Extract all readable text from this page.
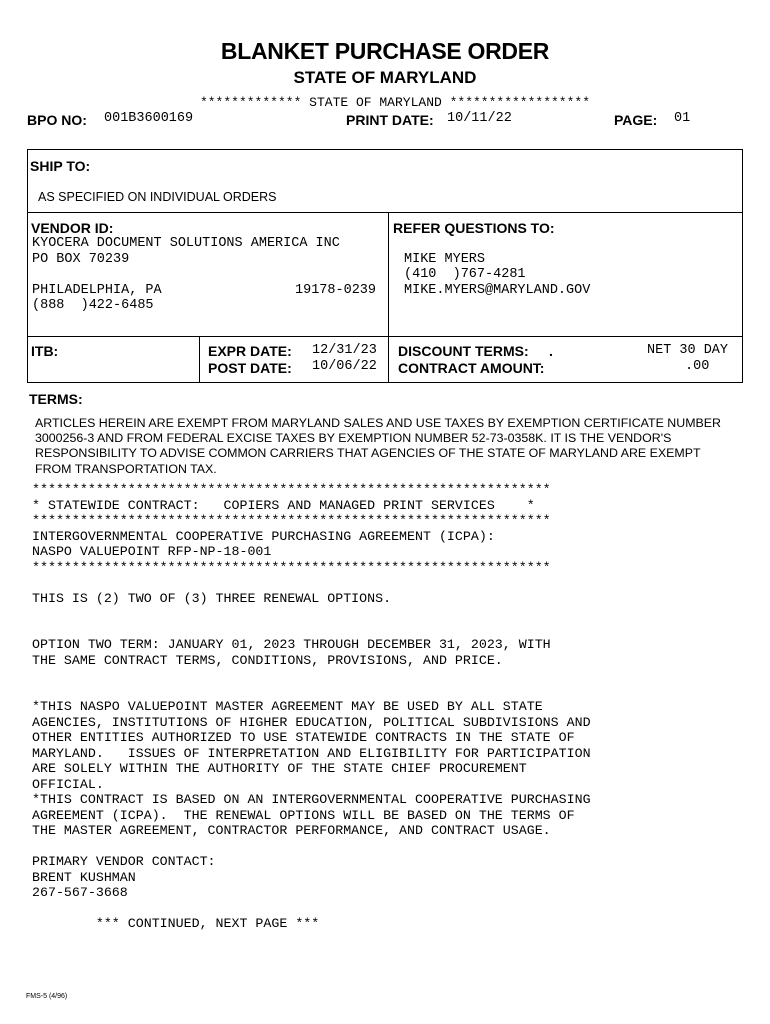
BLANKET PURCHASE ORDER
STATE OF MARYLAND
************* STATE OF MARYLAND ******************
BPO NO: 001B3600169	PRINT DATE: 10/11/22	PAGE: 01
SHIP TO:
AS SPECIFIED ON INDIVIDUAL ORDERS
VENDOR ID:
KYOCERA DOCUMENT SOLUTIONS AMERICA INC
PO BOX 70239
PHILADELPHIA, PA	19178-0239
(888  )422-6485
REFER QUESTIONS TO:
MIKE MYERS
(410  )767-4281
MIKE.MYERS@MARYLAND.GOV
ITB:	EXPR DATE: 12/31/23
POST DATE: 10/06/22
DISCOUNT TERMS: .	NET 30 DAY
CONTRACT AMOUNT:	.00
TERMS:
ARTICLES HEREIN ARE EXEMPT FROM MARYLAND SALES AND USE TAXES BY EXEMPTION CERTIFICATE NUMBER 3000256-3 AND FROM FEDERAL EXCISE TAXES BY EXEMPTION NUMBER 52-73-0358K. IT IS THE VENDOR'S RESPONSIBILITY TO ADVISE COMMON CARRIERS THAT AGENCIES OF THE STATE OF MARYLAND ARE EXEMPT FROM TRANSPORTATION TAX.
*****************************************************************
* STATEWIDE CONTRACT:   COPIERS AND MANAGED PRINT SERVICES    *
*****************************************************************
INTERGOVERNMENTAL COOPERATIVE PURCHASING AGREEMENT (ICPA):
NASPO VALUEPOINT RFP-NP-18-001
*****************************************************************
THIS IS (2) TWO OF (3) THREE RENEWAL OPTIONS.
OPTION TWO TERM: JANUARY 01, 2023 THROUGH DECEMBER 31, 2023, WITH
THE SAME CONTRACT TERMS, CONDITIONS, PROVISIONS, AND PRICE.
*THIS NASPO VALUEPOINT MASTER AGREEMENT MAY BE USED BY ALL STATE
AGENCIES, INSTITUTIONS OF HIGHER EDUCATION, POLITICAL SUBDIVISIONS AND
OTHER ENTITIES AUTHORIZED TO USE STATEWIDE CONTRACTS IN THE STATE OF
MARYLAND.   ISSUES OF INTERPRETATION AND ELIGIBILITY FOR PARTICIPATION
ARE SOLELY WITHIN THE AUTHORITY OF THE STATE CHIEF PROCUREMENT
OFFICIAL.
*THIS CONTRACT IS BASED ON AN INTERGOVERNMENTAL COOPERATIVE PURCHASING
AGREEMENT (ICPA).  THE RENEWAL OPTIONS WILL BE BASED ON THE TERMS OF
THE MASTER AGREEMENT, CONTRACTOR PERFORMANCE, AND CONTRACT USAGE.
PRIMARY VENDOR CONTACT:
BRENT KUSHMAN
267-567-3668
*** CONTINUED, NEXT PAGE ***
FMS-5 (4/96)
